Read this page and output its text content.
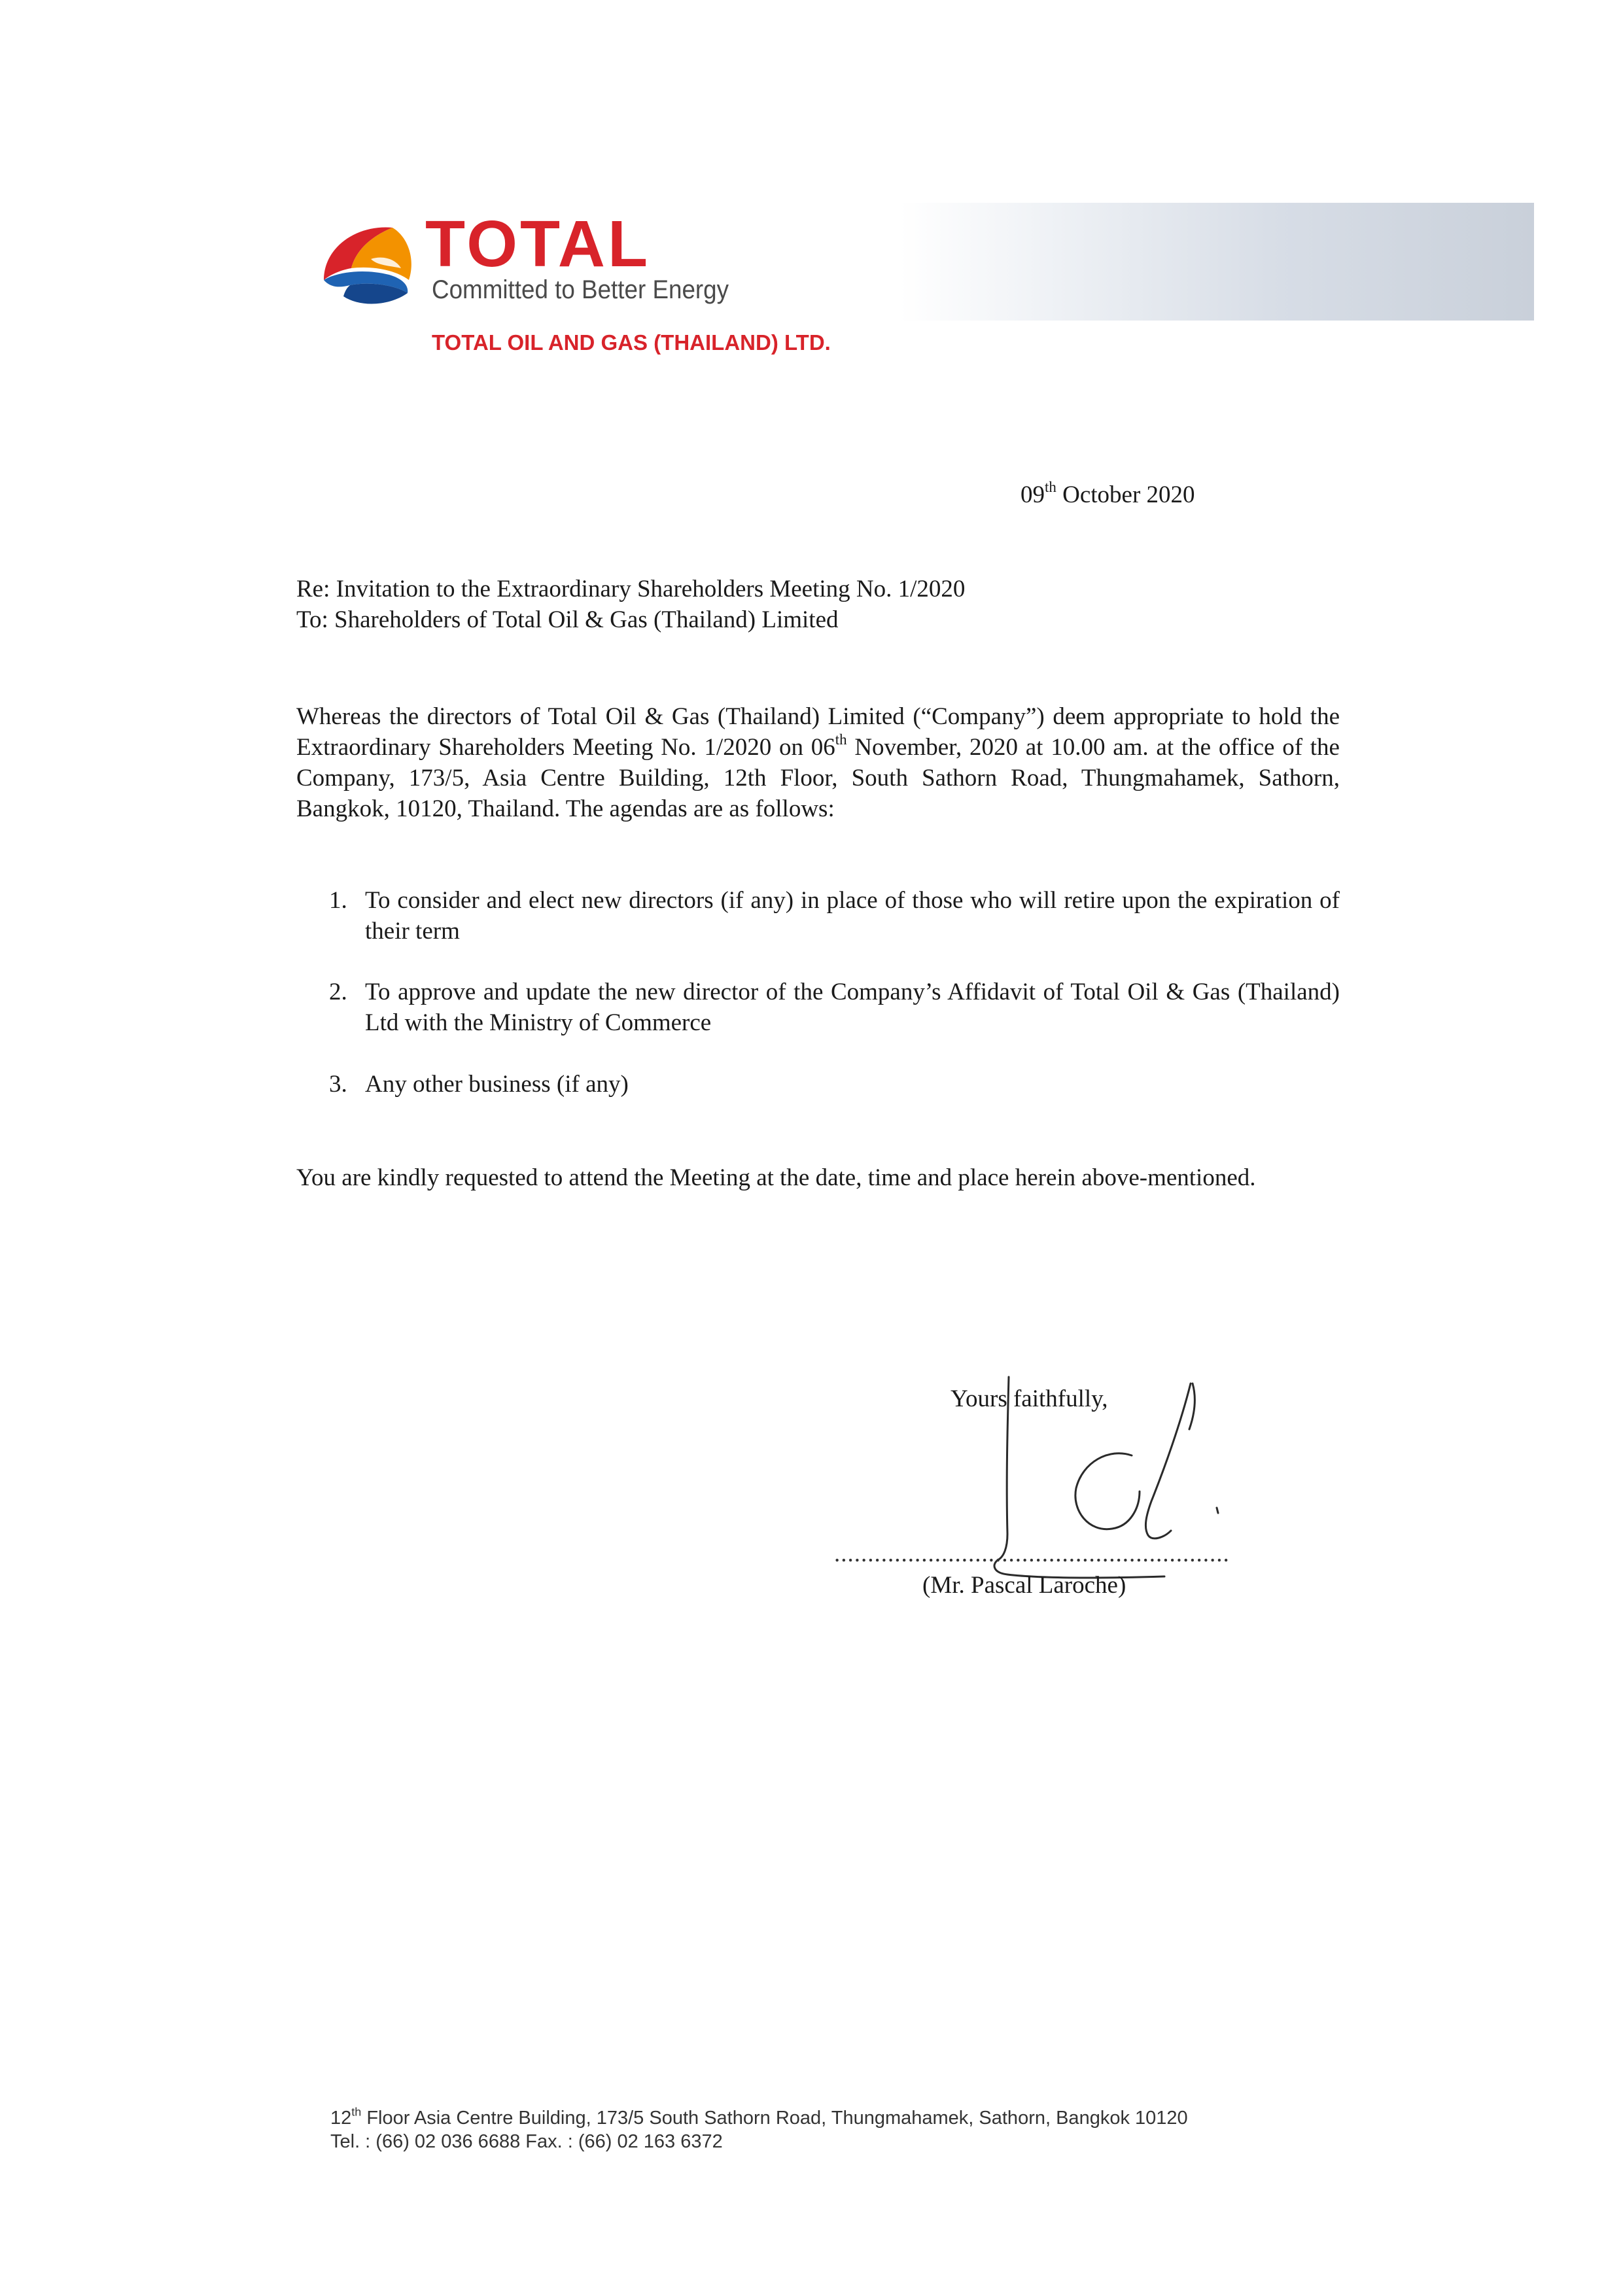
TOTAL
Committed to Better Energy
TOTAL OIL AND GAS (THAILAND) LTD.
09th October 2020
Re: Invitation to the Extraordinary Shareholders Meeting No. 1/2020
To: Shareholders of Total Oil & Gas (Thailand) Limited
Whereas the directors of Total Oil & Gas (Thailand) Limited (“Company”) deem appropriate to hold the Extraordinary Shareholders Meeting No. 1/2020 on 06th November, 2020 at 10.00 am. at the office of the Company, 173/5, Asia Centre Building, 12th Floor, South Sathorn Road, Thungmahamek, Sathorn, Bangkok, 10120, Thailand. The agendas are as follows:
1. To consider and elect new directors (if any) in place of those who will retire upon the expiration of their term
2. To approve and update the new director of the Company’s Affidavit of Total Oil & Gas (Thailand) Ltd with the Ministry of Commerce
3. Any other business (if any)
You are kindly requested to attend the Meeting at the date, time and place herein above-mentioned.
Yours faithfully,
...........................................................
(Mr. Pascal Laroche)
12th Floor Asia Centre Building, 173/5 South Sathorn Road, Thungmahamek, Sathorn, Bangkok 10120
Tel. : (66) 02 036 6688 Fax. : (66) 02 163 6372
